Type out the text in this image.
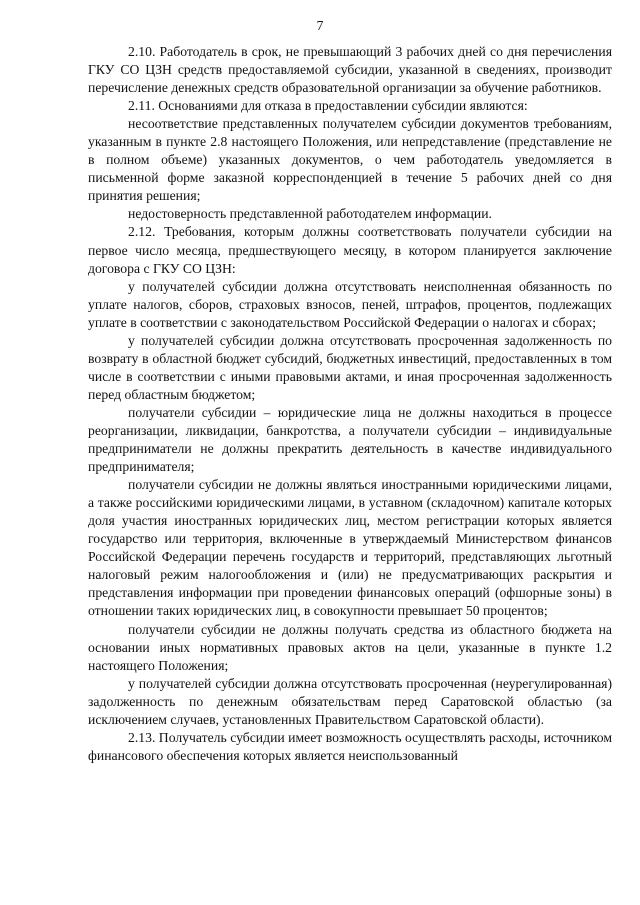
7

2.10. Работодатель в срок, не превышающий 3 рабочих дней со дня перечисления ГКУ СО ЦЗН средств предоставляемой субсидии, указанной в сведениях, производит перечисление денежных средств образовательной организации за обучение работников.

2.11. Основаниями для отказа в предоставлении субсидии являются:

несоответствие представленных получателем субсидии документов требованиям, указанным в пункте 2.8 настоящего Положения, или непредставление (представление не в полном объеме) указанных документов, о чем работодатель уведомляется в письменной форме заказной корреспонденцией в течение 5 рабочих дней со дня принятия решения;

недостоверность представленной работодателем информации.

2.12. Требования, которым должны соответствовать получатели субсидии на первое число месяца, предшествующего месяцу, в котором планируется заключение договора с ГКУ СО ЦЗН:

у получателей субсидии должна отсутствовать неисполненная обязанность по уплате налогов, сборов, страховых взносов, пеней, штрафов, процентов, подлежащих уплате в соответствии с законодательством Российской Федерации о налогах и сборах;

у получателей субсидии должна отсутствовать просроченная задолженность по возврату в областной бюджет субсидий, бюджетных инвестиций, предоставленных в том числе в соответствии с иными правовыми актами, и иная просроченная задолженность перед областным бюджетом;

получатели субсидии – юридические лица не должны находиться в процессе реорганизации, ликвидации, банкротства, а получатели субсидии – индивидуальные предприниматели не должны прекратить деятельность в качестве индивидуального предпринимателя;

получатели субсидии не должны являться иностранными юридическими лицами, а также российскими юридическими лицами, в уставном (складочном) капитале которых доля участия иностранных юридических лиц, местом регистрации которых является государство или территория, включенные в утверждаемый Министерством финансов Российской Федерации перечень государств и территорий, представляющих льготный налоговый режим налогообложения и (или) не предусматривающих раскрытия и представления информации при проведении финансовых операций (офшорные зоны) в отношении таких юридических лиц, в совокупности превышает 50 процентов;

получатели субсидии не должны получать средства из областного бюджета на основании иных нормативных правовых актов на цели, указанные в пункте 1.2 настоящего Положения;

у получателей субсидии должна отсутствовать просроченная (неурегулированная) задолженность по денежным обязательствам перед Саратовской областью (за исключением случаев, установленных Правительством Саратовской области).

2.13. Получатель субсидии имеет возможность осуществлять расходы, источником финансового обеспечения которых является неиспользованный
